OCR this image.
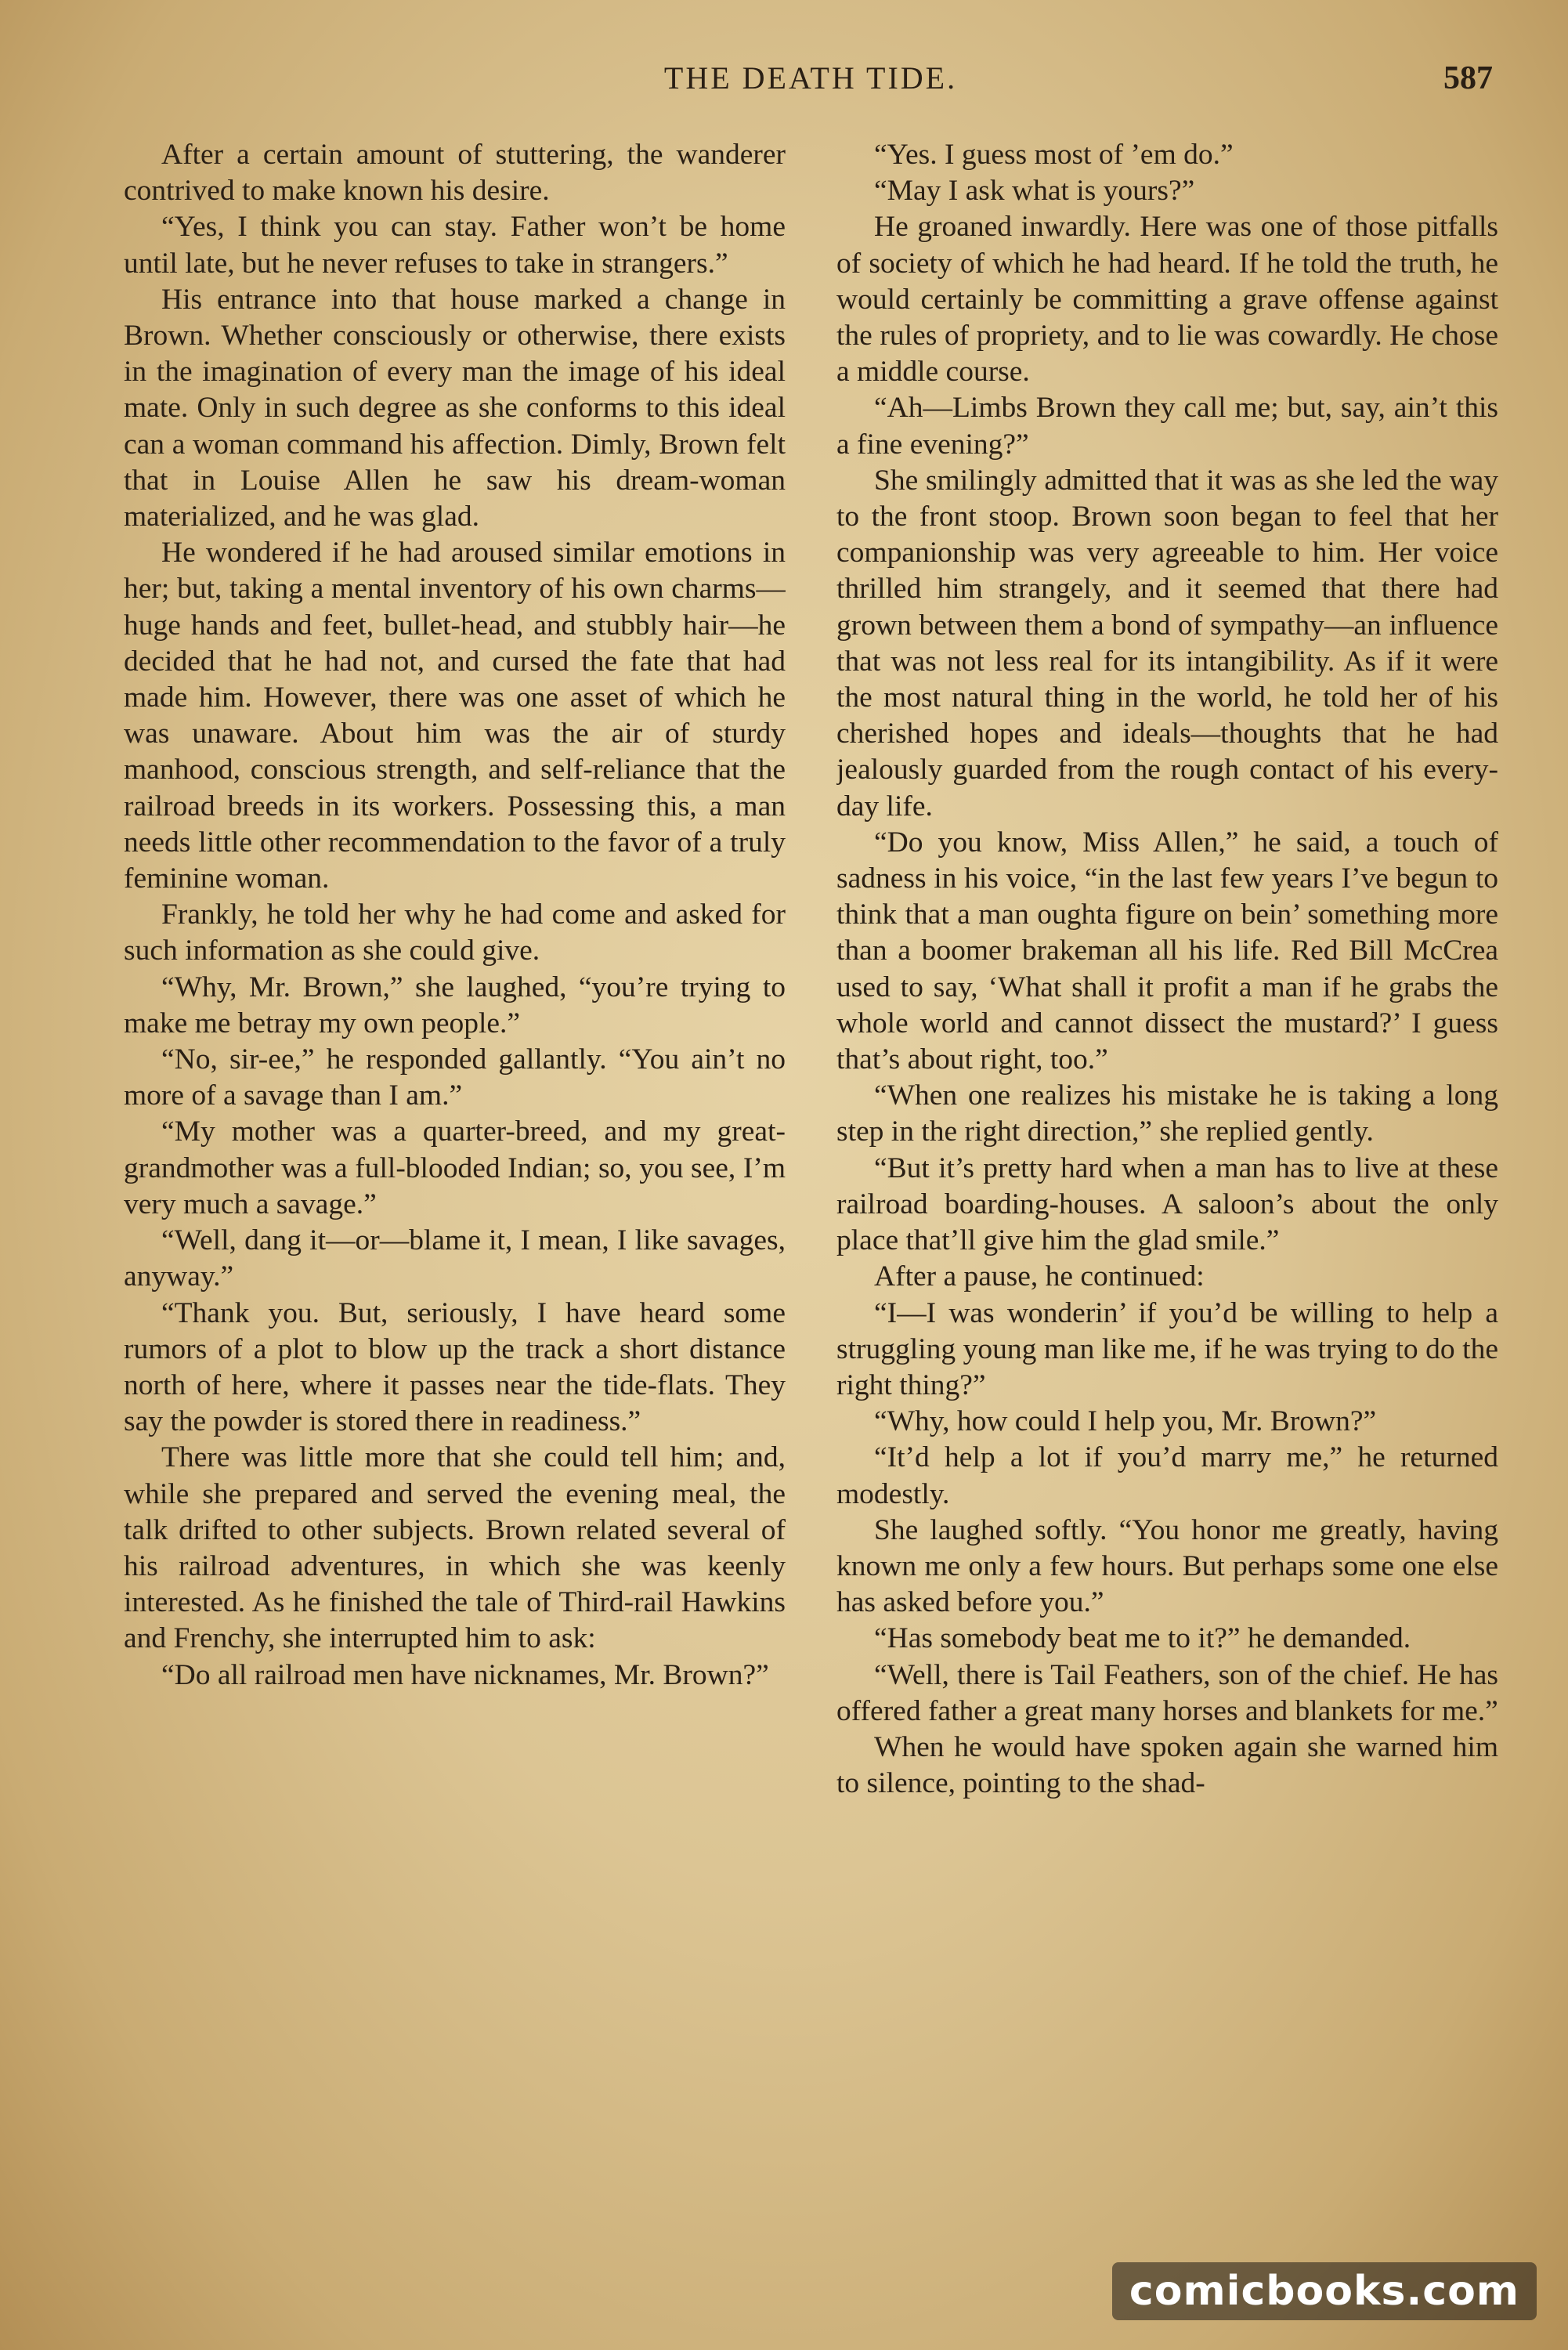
THE DEATH TIDE.	587

After a certain amount of stuttering, the wanderer contrived to make known his desire.

“Yes, I think you can stay. Father won’t be home until late, but he never refuses to take in strangers.”

His entrance into that house marked a change in Brown. Whether consciously or otherwise, there exists in the imagination of every man the image of his ideal mate. Only in such degree as she conforms to this ideal can a woman command his affection. Dimly, Brown felt that in Louise Allen he saw his dream-woman materialized, and he was glad.

He wondered if he had aroused similar emotions in her; but, taking a mental inventory of his own charms—huge hands and feet, bullet-head, and stubbly hair—he decided that he had not, and cursed the fate that had made him. However, there was one asset of which he was unaware. About him was the air of sturdy manhood, conscious strength, and self-reliance that the railroad breeds in its workers. Possessing this, a man needs little other recommendation to the favor of a truly feminine woman.

Frankly, he told her why he had come and asked for such information as she could give.

“Why, Mr. Brown,” she laughed, “you’re trying to make me betray my own people.”

“No, sir-ee,” he responded gallantly. “You ain’t no more of a savage than I am.”

“My mother was a quarter-breed, and my great-grandmother was a full-blooded Indian; so, you see, I’m very much a savage.”

“Well, dang it—or—blame it, I mean, I like savages, anyway.”

“Thank you. But, seriously, I have heard some rumors of a plot to blow up the track a short distance north of here, where it passes near the tide-flats. They say the powder is stored there in readiness.”

There was little more that she could tell him; and, while she prepared and served the evening meal, the talk drifted to other subjects. Brown related several of his railroad adventures, in which she was keenly interested. As he finished the tale of Third-rail Hawkins and Frenchy, she interrupted him to ask:

“Do all railroad men have nicknames, Mr. Brown?”

“Yes. I guess most of ’em do.”

“May I ask what is yours?”

He groaned inwardly. Here was one of those pitfalls of society of which he had heard. If he told the truth, he would certainly be committing a grave offense against the rules of propriety, and to lie was cowardly. He chose a middle course.

“Ah—Limbs Brown they call me; but, say, ain’t this a fine evening?”

She smilingly admitted that it was as she led the way to the front stoop. Brown soon began to feel that her companionship was very agreeable to him. Her voice thrilled him strangely, and it seemed that there had grown between them a bond of sympathy—an influence that was not less real for its intangibility. As if it were the most natural thing in the world, he told her of his cherished hopes and ideals—thoughts that he had jealously guarded from the rough contact of his every-day life.

“Do you know, Miss Allen,” he said, a touch of sadness in his voice, “in the last few years I’ve begun to think that a man oughta figure on bein’ something more than a boomer brakeman all his life. Red Bill McCrea used to say, ‘What shall it profit a man if he grabs the whole world and cannot dissect the mustard?’ I guess that’s about right, too.”

“When one realizes his mistake he is taking a long step in the right direction,” she replied gently.

“But it’s pretty hard when a man has to live at these railroad boarding-houses. A saloon’s about the only place that’ll give him the glad smile.”

After a pause, he continued:

“I—I was wonderin’ if you’d be willing to help a struggling young man like me, if he was trying to do the right thing?”

“Why, how could I help you, Mr. Brown?”

“It’d help a lot if you’d marry me,” he returned modestly.

She laughed softly. “You honor me greatly, having known me only a few hours. But perhaps some one else has asked before you.”

“Has somebody beat me to it?” he demanded.

“Well, there is Tail Feathers, son of the chief. He has offered father a great many horses and blankets for me.”

When he would have spoken again she warned him to silence, pointing to the shad-

comicbooks.com
